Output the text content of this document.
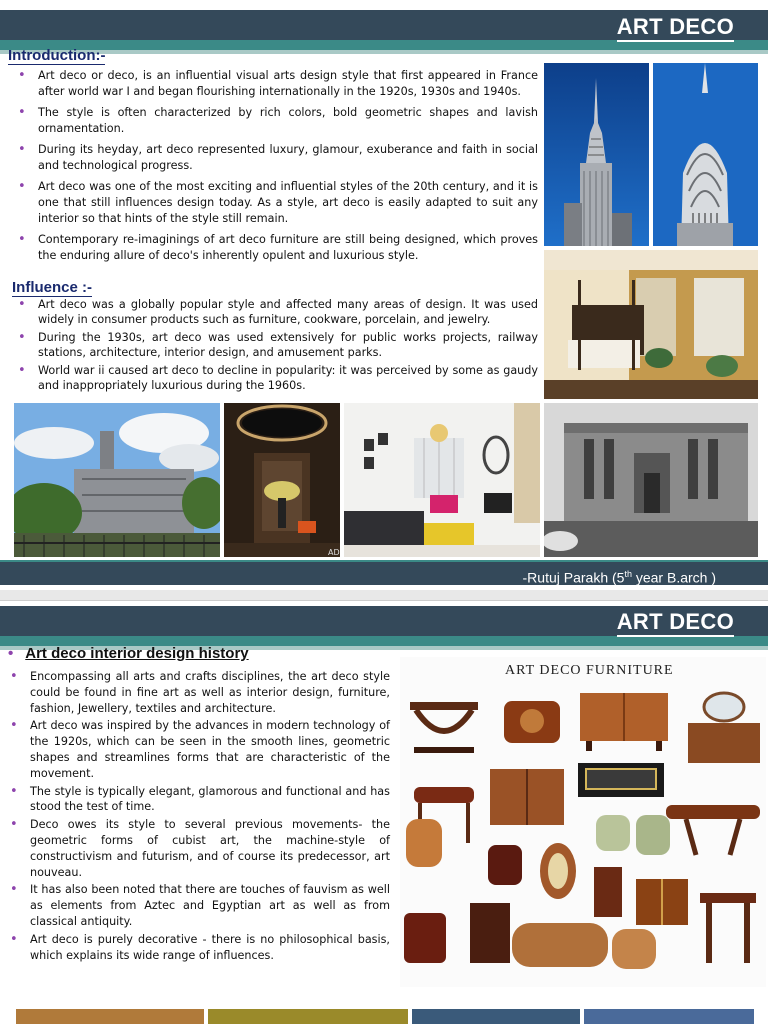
ART DECO
Introduction:-
• Art deco or deco, is an influential visual arts design style that first appeared in France after world war I and began flourishing internationally in the 1920s, 1930s and 1940s.
• The style is often characterized by rich colors, bold geometric shapes and lavish ornamentation.
• During its heyday, art deco represented luxury, glamour, exuberance and faith in social and technological progress.
• Art deco was one of the most exciting and influential styles of the 20th century, and it is one that still influences design today. As a style, art deco is easily adapted to suit any interior so that hints of the style still remain.
• Contemporary re-imaginings of art deco furniture are still being designed, which proves the enduring allure of deco's inherently opulent and luxurious style.
Influence :-
• Art deco was a globally popular style and affected many areas of design. It was used widely in consumer products such as furniture, cookware, porcelain, and jewelry.
• During the 1930s, art deco was used extensively for public works projects, railway stations, architecture, interior design, and amusement parks.
• World war ii caused art deco to decline in popularity: it was perceived by some as gaudy and inappropriately luxurious during the 1960s.
AD
-Rutuj Parakh (5th year B.arch )
ART DECO
• Art deco interior design history
• Encompassing all arts and crafts disciplines, the art deco style could be found in fine art as well as interior design, furniture, fashion, Jewellery, textiles and architecture.
• Art deco was inspired by the advances in modern technology of the 1920s, which can be seen in the smooth lines, geometric shapes and streamlines forms that are characteristic of the movement.
• The style is typically elegant, glamorous and functional and has stood the test of time.
• Deco owes its style to several previous movements- the geometric forms of cubist art, the machine-style of constructivism and futurism, and of course its predecessor, art nouveau.
• It has also been noted that there are touches of fauvism as well as elements from Aztec and Egyptian art as well as from classical antiquity.
• Art deco is purely decorative - there is no philosophical basis, which explains its wide range of influences.
ART DECO FURNITURE
